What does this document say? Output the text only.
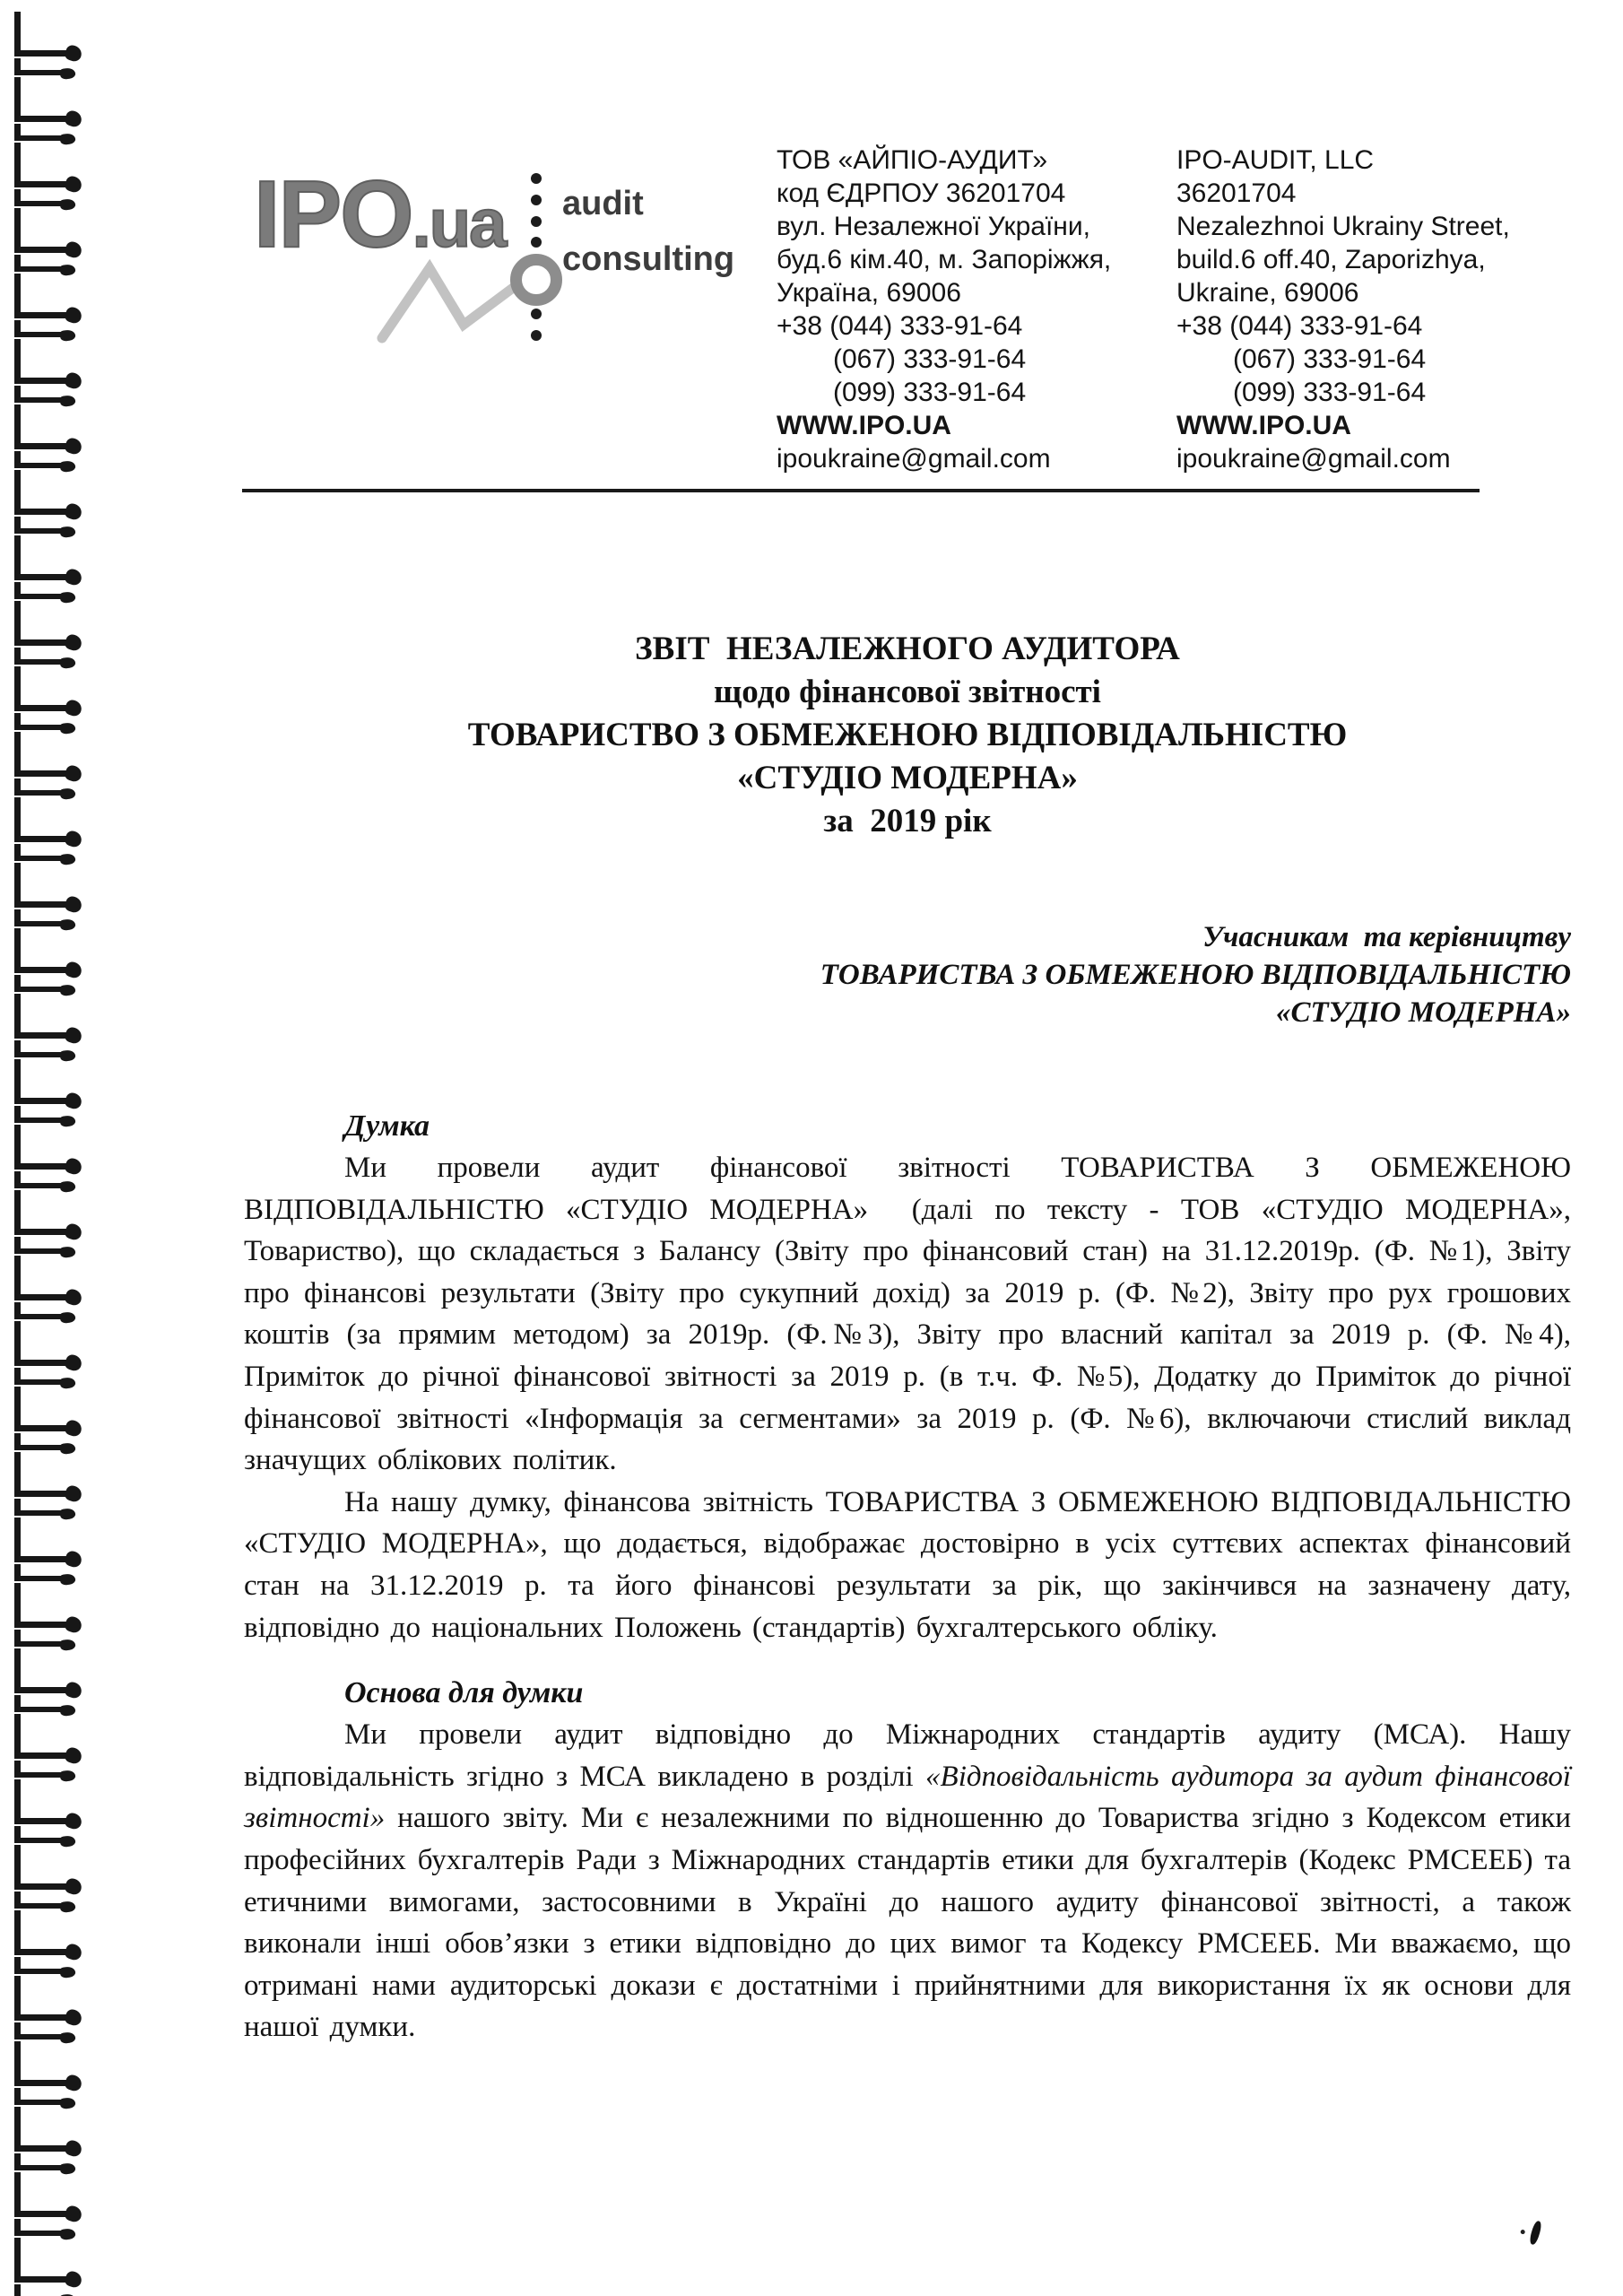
IPO .ua audit
consulting
ТОВ «АЙПІО-АУДИТ»
код ЄДРПОУ 36201704
вул. Незалежної України,
буд.6 кім.40, м. Запоріжжя,
Україна, 69006
+38 (044) 333-91-64
(067) 333-91-64
(099) 333-91-64
WWW.IPO.UA
ipoukraine@gmail.com
IPO-AUDIT, LLC
36201704
Nezalezhnoi Ukrainy Street,
build.6 off.40, Zaporizhya,
Ukraine, 69006
+38 (044) 333-91-64
(067) 333-91-64
(099) 333-91-64
WWW.IPO.UA
ipoukraine@gmail.com
ЗВІТ  НЕЗАЛЕЖНОГО АУДИТОРА
щодо фінансової звітності
ТОВАРИСТВО З ОБМЕЖЕНОЮ ВІДПОВІДАЛЬНІСТЮ
«СТУДІО МОДЕРНА»
за  2019 рік
Учасникам  та керівництву
ТОВАРИСТВА З ОБМЕЖЕНОЮ ВІДПОВІДАЛЬНІСТЮ
«СТУДІО МОДЕРНА»
Думка

Ми провели аудит фінансової звітності ТОВАРИСТВА З ОБМЕЖЕНОЮ ВІДПОВІДАЛЬНІСТЮ «СТУДІО МОДЕРНА»  (далі по тексту - ТОВ «СТУДІО МОДЕРНА», Товариство), що складається з Балансу (Звіту про фінансовий стан) на 31.12.2019р. (Ф. №1), Звіту про фінансові результати (Звіту про сукупний дохід) за 2019 р. (Ф. №2), Звіту про рух грошових коштів (за прямим методом) за 2019р. (Ф.№3), Звіту про власний капітал за 2019 р. (Ф. №4), Приміток до річної фінансової звітності за 2019 р. (в т.ч. Ф. №5), Додатку до Приміток до річної фінансової звітності «Інформація за сегментами» за 2019 р. (Ф. №6), включаючи стислий виклад значущих облікових політик.

На нашу думку, фінансова звітність ТОВАРИСТВА З ОБМЕЖЕНОЮ ВІДПОВІДАЛЬНІСТЮ «СТУДІО МОДЕРНА», що додається, відображає достовірно в усіх суттєвих аспектах фінансовий стан на 31.12.2019 р. та його фінансові результати за рік, що закінчився на зазначену дату, відповідно до національних Положень (стандартів) бухгалтерського обліку.

Основа для думки

Ми провели аудит відповідно до Міжнародних стандартів аудиту (МСА). Нашу відповідальність згідно з МСА викладено в розділі «Відповідальність аудитора за аудит фінансової звітності» нашого звіту. Ми є незалежними по відношенню до Товариства згідно з Кодексом етики професійних бухгалтерів Ради з Міжнародних стандартів етики для бухгалтерів (Кодекс РМСЕЕБ) та етичними вимогами, застосовними в Україні до нашого аудиту фінансової звітності, а також виконали інші обов’язки з етики відповідно до цих вимог та Кодексу РМСЕЕБ. Ми вважаємо, що отримані нами аудиторські докази є достатніми і прийнятними для використання їх як основи для нашої думки.
